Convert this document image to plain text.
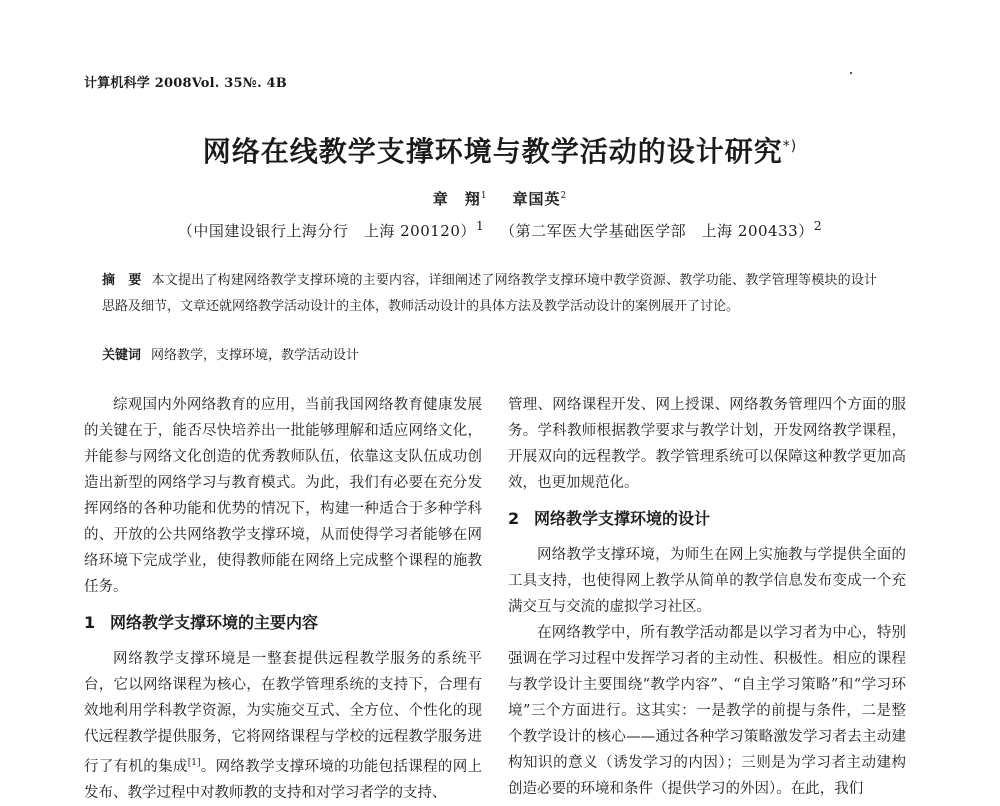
计算机科学 2008Vol. 35№. 4B
网络在线教学支撑环境与教学活动的设计研究*)
章　翔$^1$ 章国英$^2$
（中国建设银行上海分行　上海 200120）$^1$ （第二军医大学基础医学部　上海 200433）$^2$
摘　要 本文提出了构建网络教学支撑环境的主要内容，详细阐述了网络教学支撑环境中教学资源、教学功能、教学管理等模块的设计思路及细节，文章还就网络教学活动设计的主体，教师活动设计的具体方法及教学活动设计的案例展开了讨论。
关键词 网络教学，支撑环境，教学活动设计

综观国内外网络教育的应用，当前我国网络教育健康发展的关键在于，能否尽快培养出一批能够理解和适应网络文化，并能参与网络文化创造的优秀教师队伍，依靠这支队伍成功创造出新型的网络学习与教育模式。为此，我们有必要在充分发挥网络的各种功能和优势的情况下，构建一种适合于多种学科的、开放的公共网络教学支撑环境，从而使得学习者能够在网络环境下完成学业，使得教师能在网络上完成整个课程的施教任务。

1 网络教学支撑环境的主要内容

网络教学支撑环境是一整套提供远程教学服务的系统平台，它以网络课程为核心，在教学管理系统的支持下，合理有效地利用学科教学资源，为实施交互式、全方位、个性化的现代远程教学提供服务，它将网络课程与学校的远程教学服务进行了有机的集成[1]。网络教学支撑环境的功能包括课程的网上发布、教学过程中对教师教的支持和对学习者学的支持、

管理、网络课程开发、网上授课、网络教务管理四个方面的服务。学科教师根据教学要求与教学计划，开发网络教学课程，开展双向的远程教学。教学管理系统可以保障这种教学更加高效，也更加规范化。

2 网络教学支撑环境的设计

网络教学支撑环境，为师生在网上实施教与学提供全面的工具支持，也使得网上教学从简单的教学信息发布变成一个充满交互与交流的虚拟学习社区。

在网络教学中，所有教学活动都是以学习者为中心，特别强调在学习过程中发挥学习者的主动性、积极性。相应的课程与教学设计主要围绕“教学内容”、“自主学习策略”和“学习环境”三个方面进行。这其实：一是教学的前提与条件，二是整个教学设计的核心——通过各种学习策略激发学习者去主动建构知识的意义（诱发学习的内因）；三则是为学习者主动建构创造必要的环境和条件（提供学习的外因）。在此，我们
